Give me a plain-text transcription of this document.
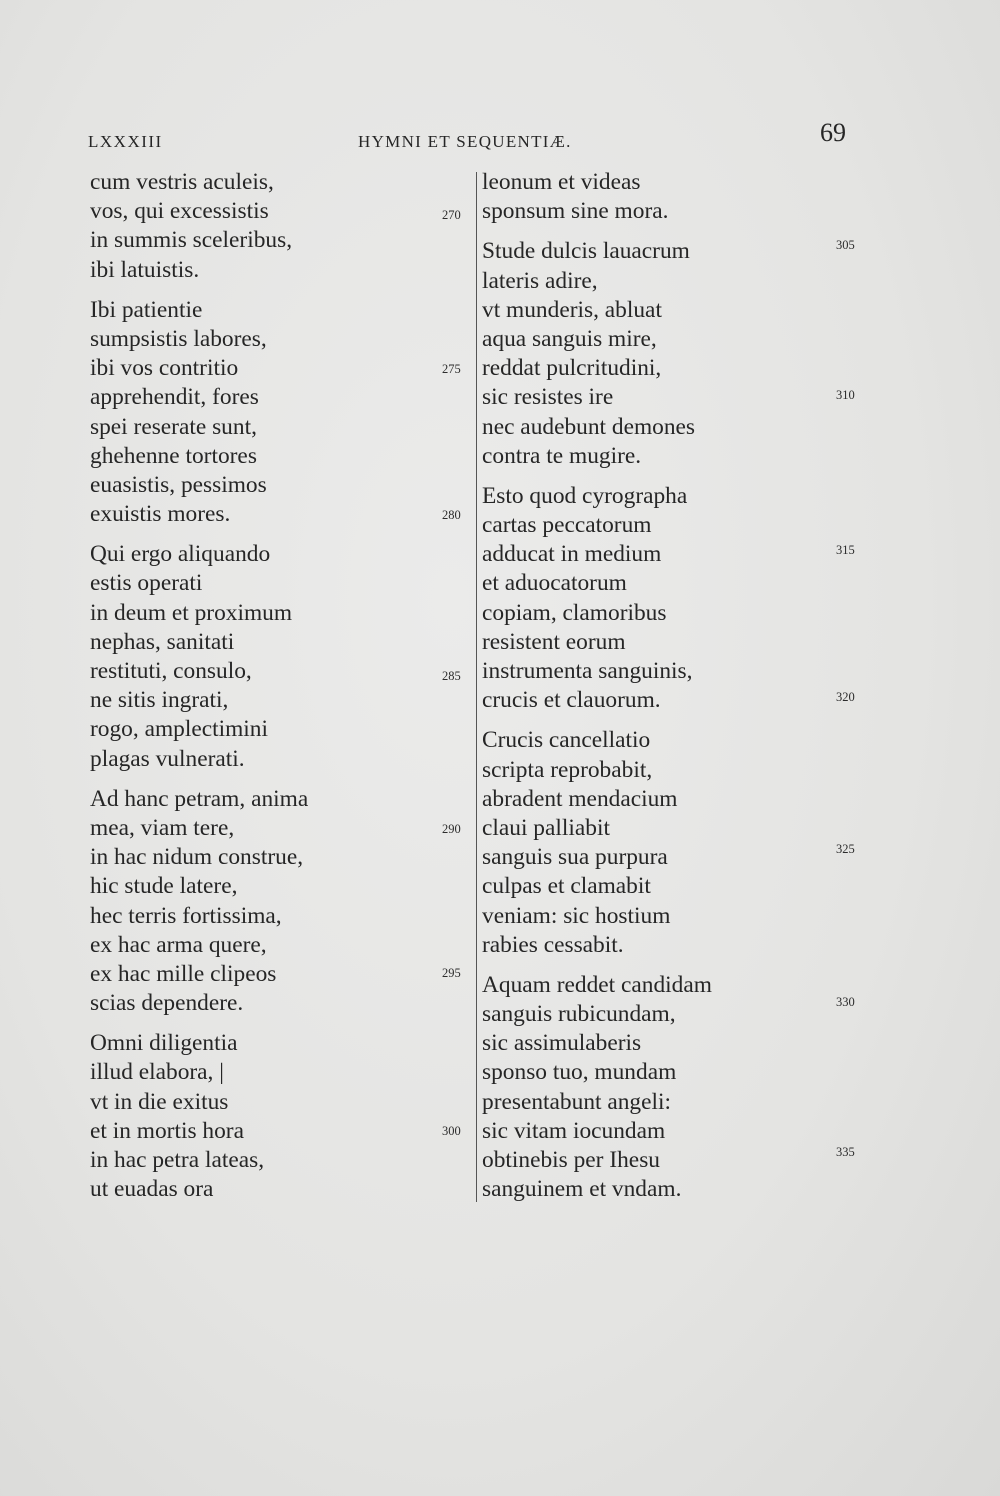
LXXXIII	HYMNI ET SEQUENTIÆ.	69
cum vestris aculeis,
vos, qui excessistis
in summis sceleribus,
ibi latuistis.
Ibi patientie
sumpsistis labores,
ibi vos contritio
apprehendit, fores
spei reserate sunt,
ghehenne tortores
euasistis, pessimos
exuistis mores.
Qui ergo aliquando
estis operati
in deum et proximum
nephas, sanitati
restituti, consulo,
ne sitis ingrati,
rogo, amplectimini
plagas vulnerati.
Ad hanc petram, anima
mea, viam tere,
in hac nidum construe,
hic stude latere,
hec terris fortissima,
ex hac arma quere,
ex hac mille clipeos
scias dependere.
Omni diligentia
illud elabora, |
vt in die exitus
et in mortis hora
in hac petra lateas,
ut euadas ora
leonum et videas
sponsum sine mora.
Stude dulcis lauacrum
lateris adire,
vt munderis, abluat
aqua sanguis mire,
reddat pulcritudini,
sic resistes ire
nec audebunt demones
contra te mugire.
Esto quod cyrographa
cartas peccatorum
adducat in medium
et aduocatorum
copiam, clamoribus
resistent eorum
instrumenta sanguinis,
crucis et clauorum.
Crucis cancellatio
scripta reprobabit,
abradent mendacium
claui palliabit
sanguis sua purpura
culpas et clamabit
veniam: sic hostium
rabies cessabit.
Aquam reddet candidam
sanguis rubicundam,
sic assimulaberis
sponso tuo, mundam
presentabunt angeli:
sic vitam iocundam
obtinebis per Ihesu
sanguinem et vndam.
270
275
280
285
290
295
300
305
310
315
320
325
330
335
